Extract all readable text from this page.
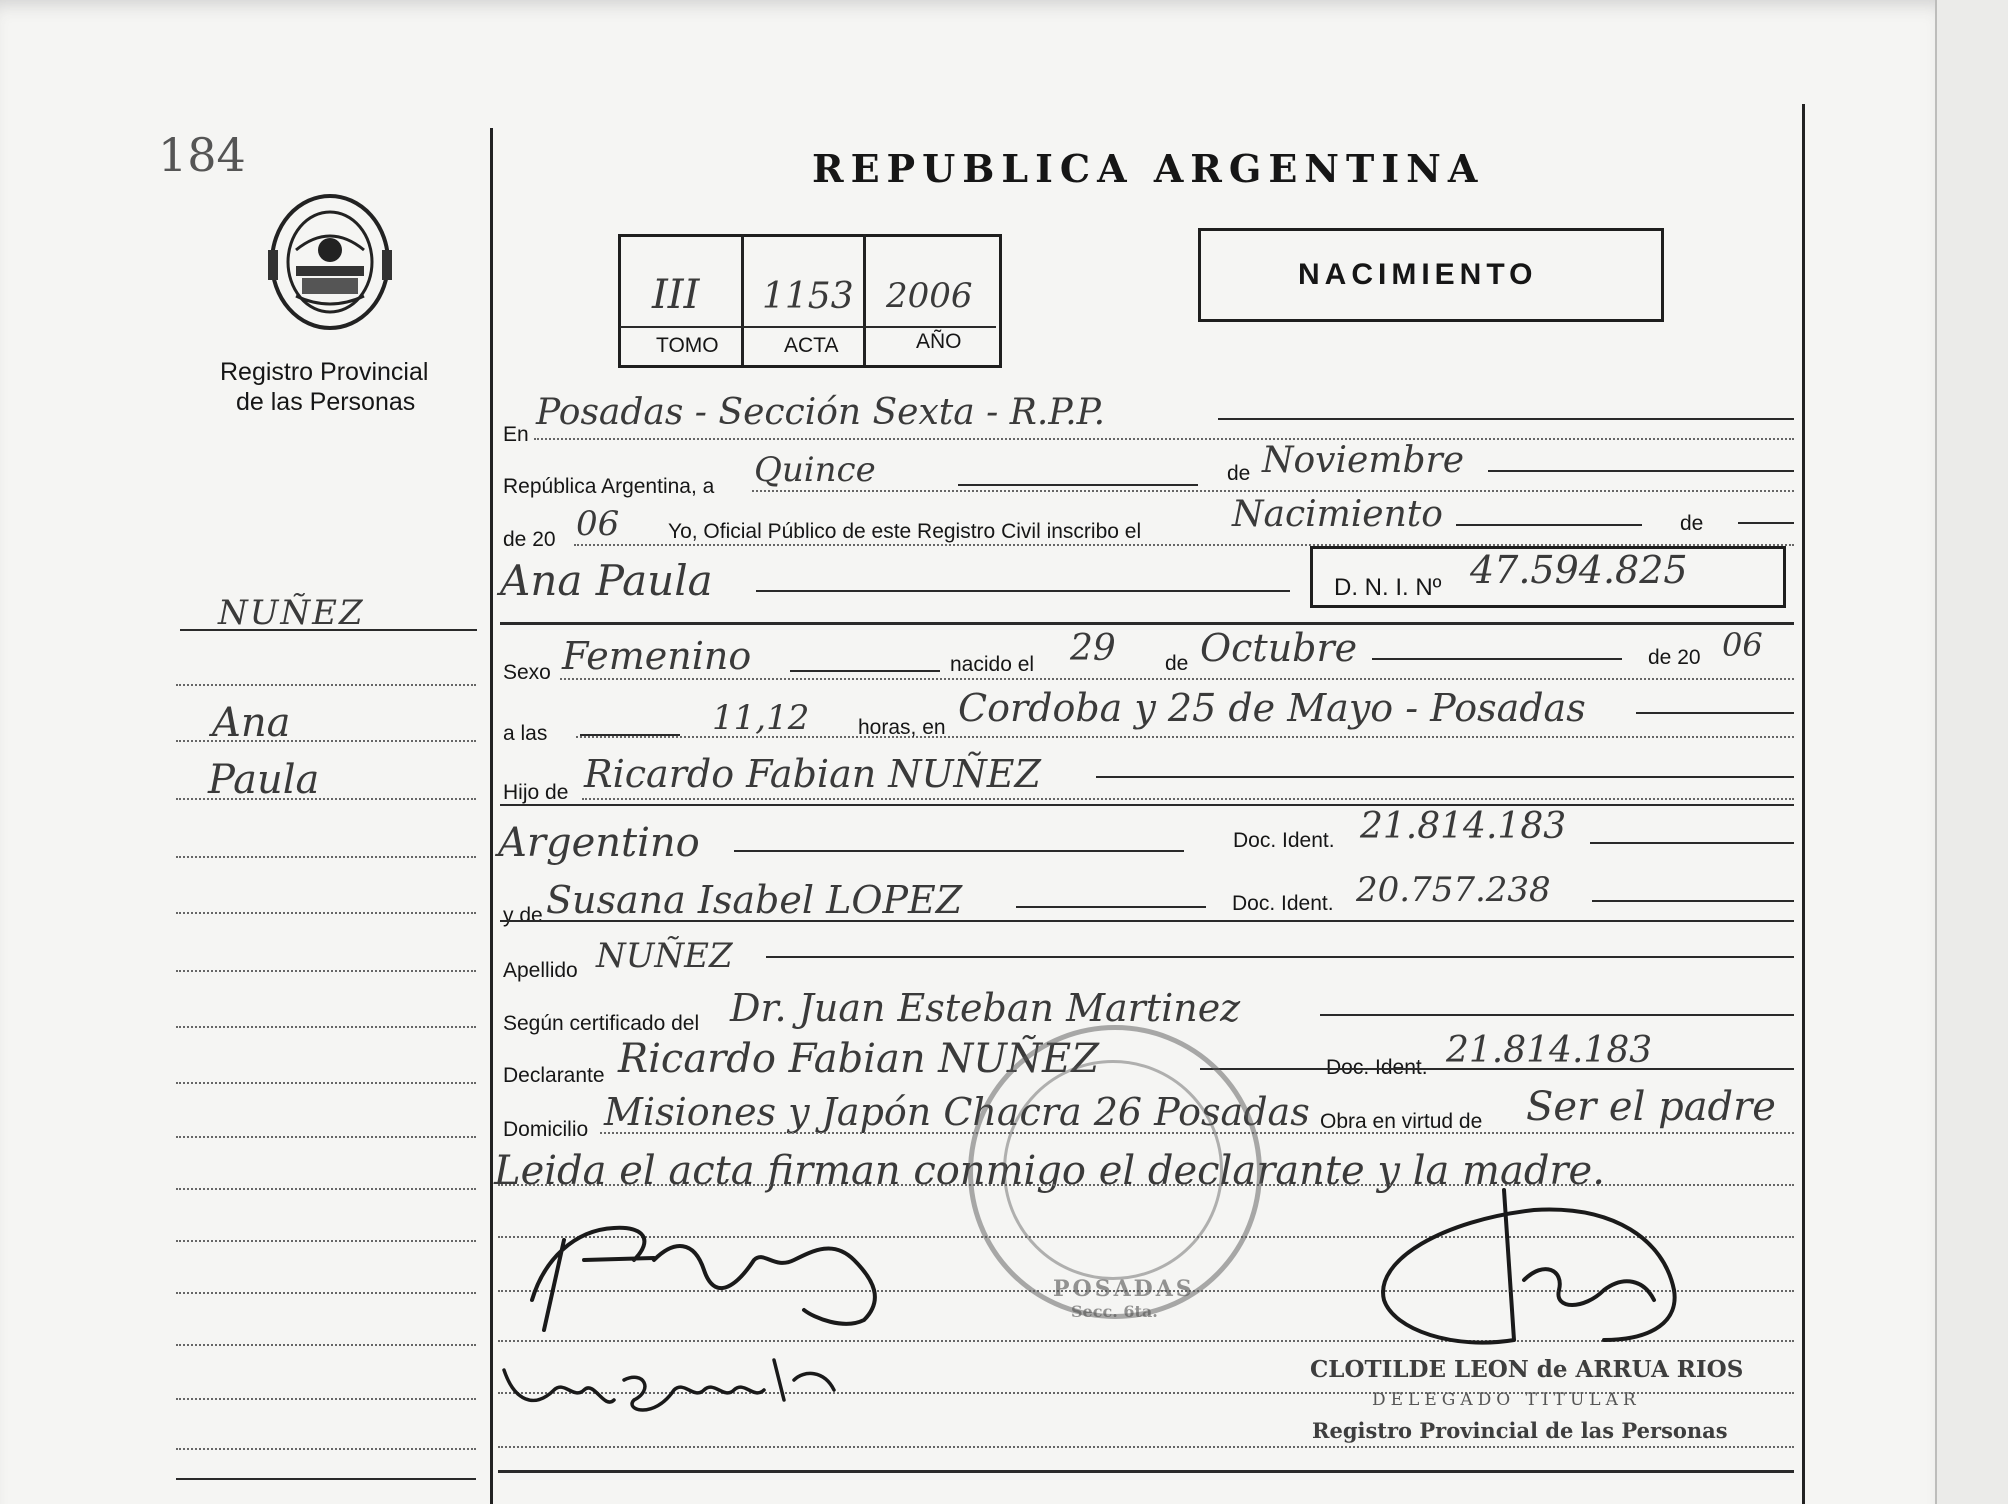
184
Registro Provincial
de las Personas
NUÑEZ
Ana
Paula
REPUBLICA ARGENTINA
III 1153 2006
TOMO	ACTA	AÑO
NACIMIENTO
En
Posadas - Sección Sexta - R.P.P.
República Argentina, a Quince	de Noviembre
de 20 06 Yo, Oficial Público de este Registro Civil inscribo el	Nacimiento	de
Ana Paula	D. N. I. Nº 47.594.825
Sexo Femenino	nacido el 29 de Octubre	de 20 06
a las	11,12 horas, en Cordoba y 25 de Mayo - Posadas
Hijo de Ricardo Fabian NUÑEZ
Argentino	Doc. Ident. 21.814.183
y de Susana Isabel LOPEZ	Doc. Ident. 20.757.238
Apellido NUÑEZ
Según certificado del Dr. Juan Esteban Martinez
Declarante Ricardo Fabian NUÑEZ	Doc. Ident. 21.814.183
Domicilio Misiones y Japón Chacra 26 Posadas Obra en virtud de Ser el padre
Leida el acta firman conmigo el declarante y la madre.
POSADAS
Secc. 6ta.
CLOTILDE LEON de ARRUA RIOS
DELEGADO TITULAR
Registro Provincial de las Personas
